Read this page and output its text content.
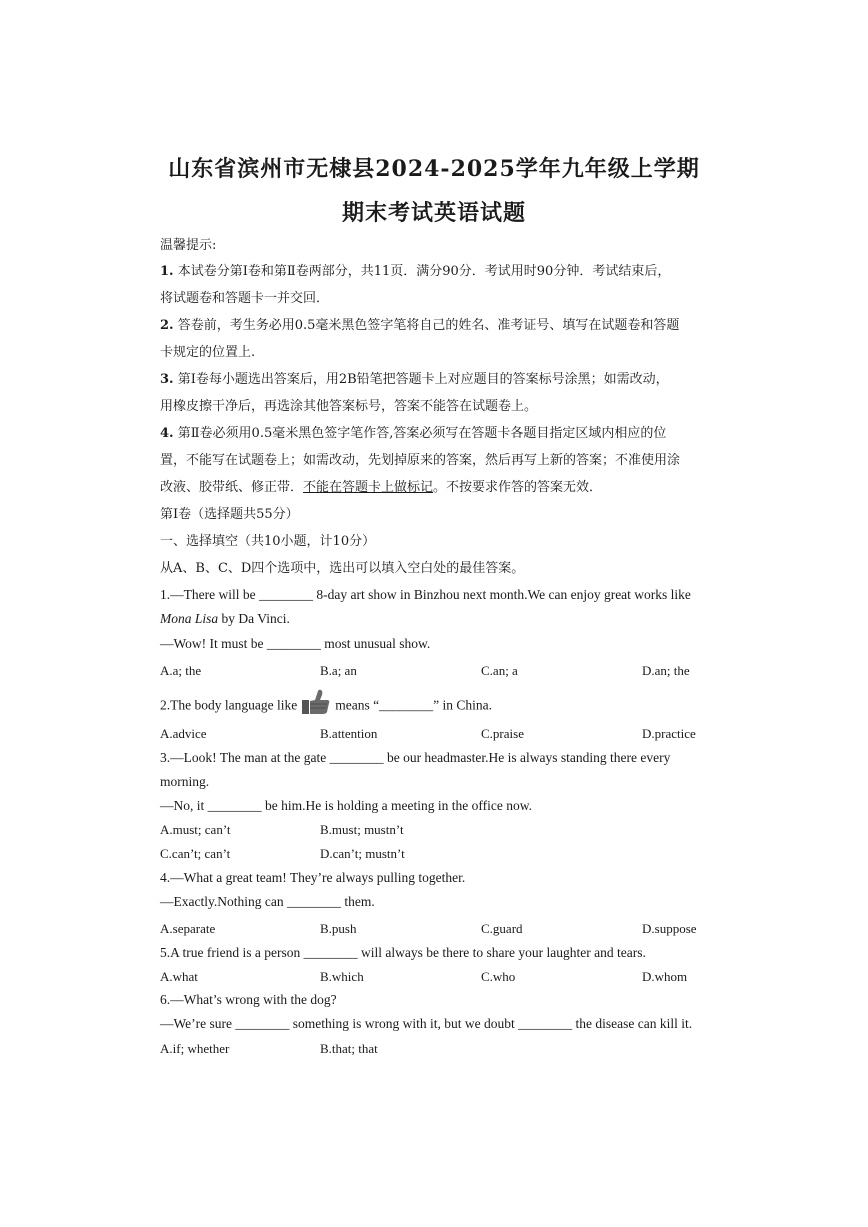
山东省滨州市无棣县2024-2025学年九年级上学期
期末考试英语试题
温馨提示:
1. 本试卷分第Ⅰ卷和第Ⅱ卷两部分，共11页．满分90分．考试用时90分钟．考试结束后，
将试题卷和答题卡一并交回．
2. 答卷前，考生务必用0.5毫米黑色签字笔将自己的姓名、准考证号、填写在试题卷和答题
卡规定的位置上.
3. 第Ⅰ卷每小题选出答案后，用2B铅笔把答题卡上对应题目的答案标号涂黑；如需改动，
用橡皮擦干净后，再选涂其他答案标号，答案不能答在试题卷上。
4. 第Ⅱ卷必须用0.5毫米黑色签字笔作答,答案必须写在答题卡各题目指定区域内相应的位
置，不能写在试题卷上；如需改动，先划掉原来的答案，然后再写上新的答案；不准使用涂
改液、胶带纸、修正带．不能在答题卡上做标记。不按要求作答的答案无效．
第Ⅰ卷（选择题共55分）
一、选择填空（共10小题，计10分）
从A、B、C、D四个选项中，选出可以填入空白处的最佳答案。
1.—There will be ________ 8-day art show in Binzhou next month.We can enjoy great works like
Mona Lisa by Da Vinci.
—Wow! It must be ________ most unusual show.
A.a; the	B.a; an	C.an; a	D.an; the
2.The body language like	means “________” in China.
A.advice	B.attention	C.praise	D.practice
3.—Look! The man at the gate ________ be our headmaster.He is always standing there every
morning.
—No, it ________ be him.He is holding a meeting in the office now.
A.must; can’t	B.must; mustn’t
C.can’t; can’t	D.can’t; mustn’t
4.—What a great team! They’re always pulling together.
—Exactly.Nothing can ________ them.
A.separate	B.push	C.guard	D.suppose
5.A true friend is a person ________ will always be there to share your laughter and tears.
A.what	B.which	C.who	D.whom
6.—What’s wrong with the dog?
—We’re sure ________ something is wrong with it, but we doubt ________ the disease can kill it.
A.if; whether	B.that; that
